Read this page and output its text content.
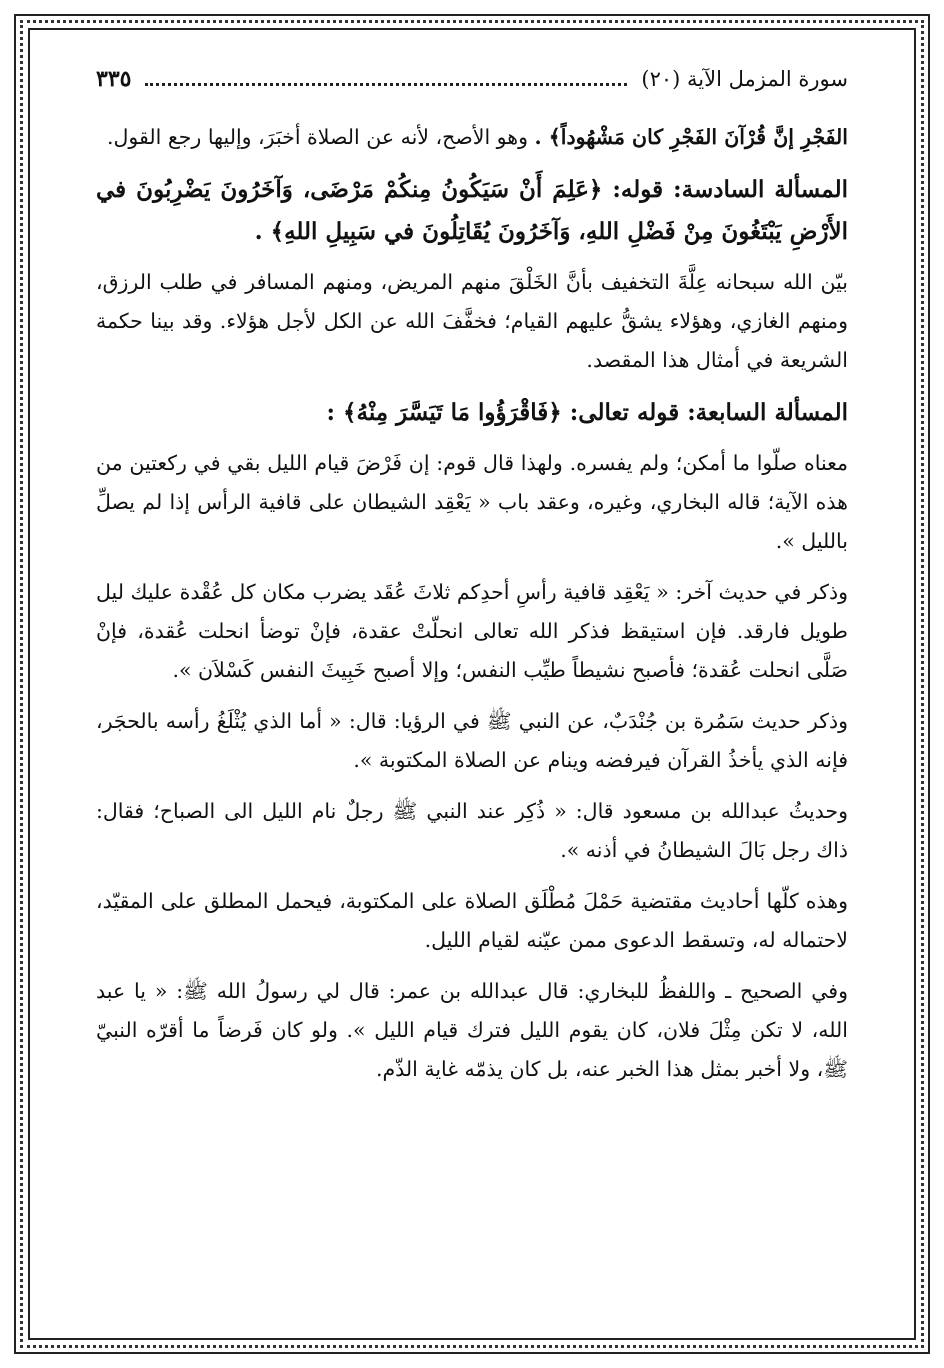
سورة المزمل الآية (٢٠)
٣٣٥

الفَجْرِ إنَّ قُرْآنَ الفَجْرِ كان مَشْهُوداً﴾ . وهو الأصح، لأنه عن الصلاة أخبَرَ، وإليها رجع القول.

المسألة السادسة: قوله: ﴿عَلِمَ أَنْ سَيَكُونُ مِنكُمْ مَرْضَى، وَآخَرُونَ يَضْرِبُونَ في الأَرْضِ يَبْتَغُونَ مِنْ فَضْلِ اللهِ، وَآخَرُونَ يُقَاتِلُونَ في سَبِيلِ اللهِ﴾ .

بيّن الله سبحانه عِلَّةَ التخفيف بأنَّ الخَلْقَ منهم المريض، ومنهم المسافر في طلب الرزق، ومنهم الغازي، وهؤلاء يشقُّ عليهم القيام؛ فخفَّفَ الله عن الكل لأجل هؤلاء. وقد بينا حكمة الشريعة في أمثال هذا المقصد.

المسألة السابعة: قوله تعالى: ﴿فَاقْرَؤُوا مَا تَيَسَّرَ مِنْهُ﴾ :

معناه صلّوا ما أمكن؛ ولم يفسره. ولهذا قال قوم: إن فَرْضَ قيام الليل بقي في ركعتين من هذه الآية؛ قاله البخاري، وغيره، وعقد باب « يَعْقِد الشيطان على قافية الرأس إذا لم يصلِّ بالليل ».

وذكر في حديث آخر: « يَعْقِد قافية رأسِ أحدِكم ثلاثَ عُقَد يضرب مكان كل عُقْدة عليك ليل طويل فارقد. فإن استيقظ فذكر الله تعالى انحلّتْ عقدة، فإنْ توضأ انحلت عُقدة، فإنْ صَلَّى انحلت عُقدة؛ فأصبح نشيطاً طيِّب النفس؛ وإلا أصبح خَبِيثَ النفس كَسْلاَن ».

وذكر حديث سَمُرة بن جُنْدَبٌ، عن النبي ﷺ في الرؤيا: قال: « أما الذي يُثْلَغُ رأسه بالحجَر، فإنه الذي يأخذُ القرآن فيرفضه وينام عن الصلاة المكتوبة ».

وحديثُ عبدالله بن مسعود قال: « ذُكِر عند النبي ﷺ رجلٌ نام الليل الى الصباح؛ فقال: ذاك رجل بَالَ الشيطانُ في أذنه ».

وهذه كلّها أحاديث مقتضية حَمْلَ مُطْلَق الصلاة على المكتوبة، فيحمل المطلق على المقيّد، لاحتماله له، وتسقط الدعوى ممن عيّنه لقيام الليل.

وفي الصحيح ـ واللفظُ للبخاري: قال عبدالله بن عمر: قال لي رسولُ الله ﷺ: « يا عبد الله، لا تكن مِثْلَ فلان، كان يقوم الليل فترك قيام الليل ». ولو كان فَرضاً ما أقرّه النبيّ ﷺ، ولا أخبر بمثل هذا الخبر عنه، بل كان يذمّه غاية الذّم.
